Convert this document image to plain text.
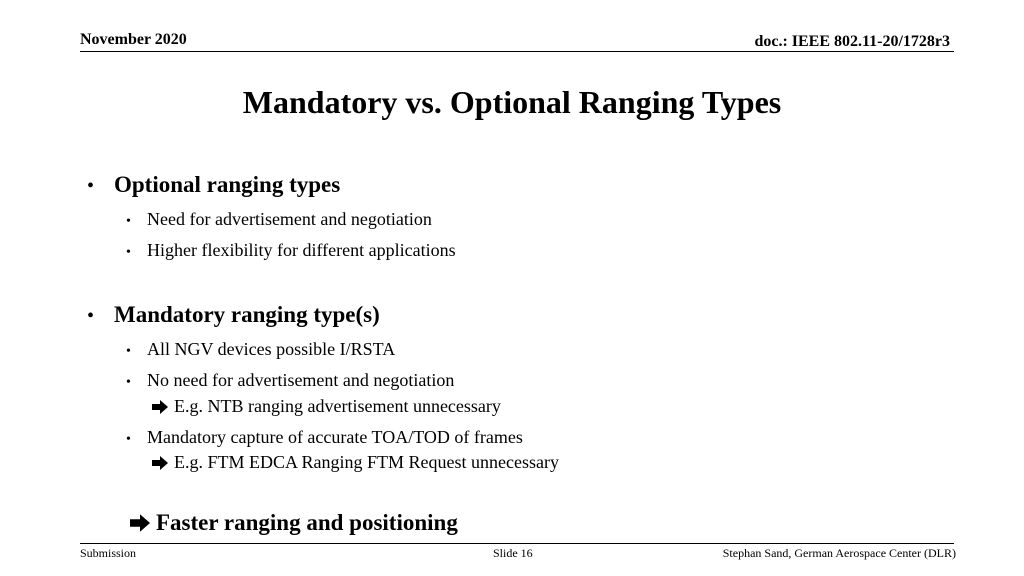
November 2020	doc.: IEEE 802.11-20/1728r3
Mandatory vs. Optional Ranging Types
• Optional ranging types
• Need for advertisement and negotiation
• Higher flexibility for different applications
• Mandatory ranging type(s)
• All NGV devices possible I/RSTA
• No need for advertisement and negotiation
E.g. NTB ranging advertisement unnecessary
• Mandatory capture of accurate TOA/TOD of frames
E.g. FTM EDCA Ranging FTM Request unnecessary
Faster ranging and positioning
Submission	Slide 16	Stephan Sand, German Aerospace Center (DLR)
